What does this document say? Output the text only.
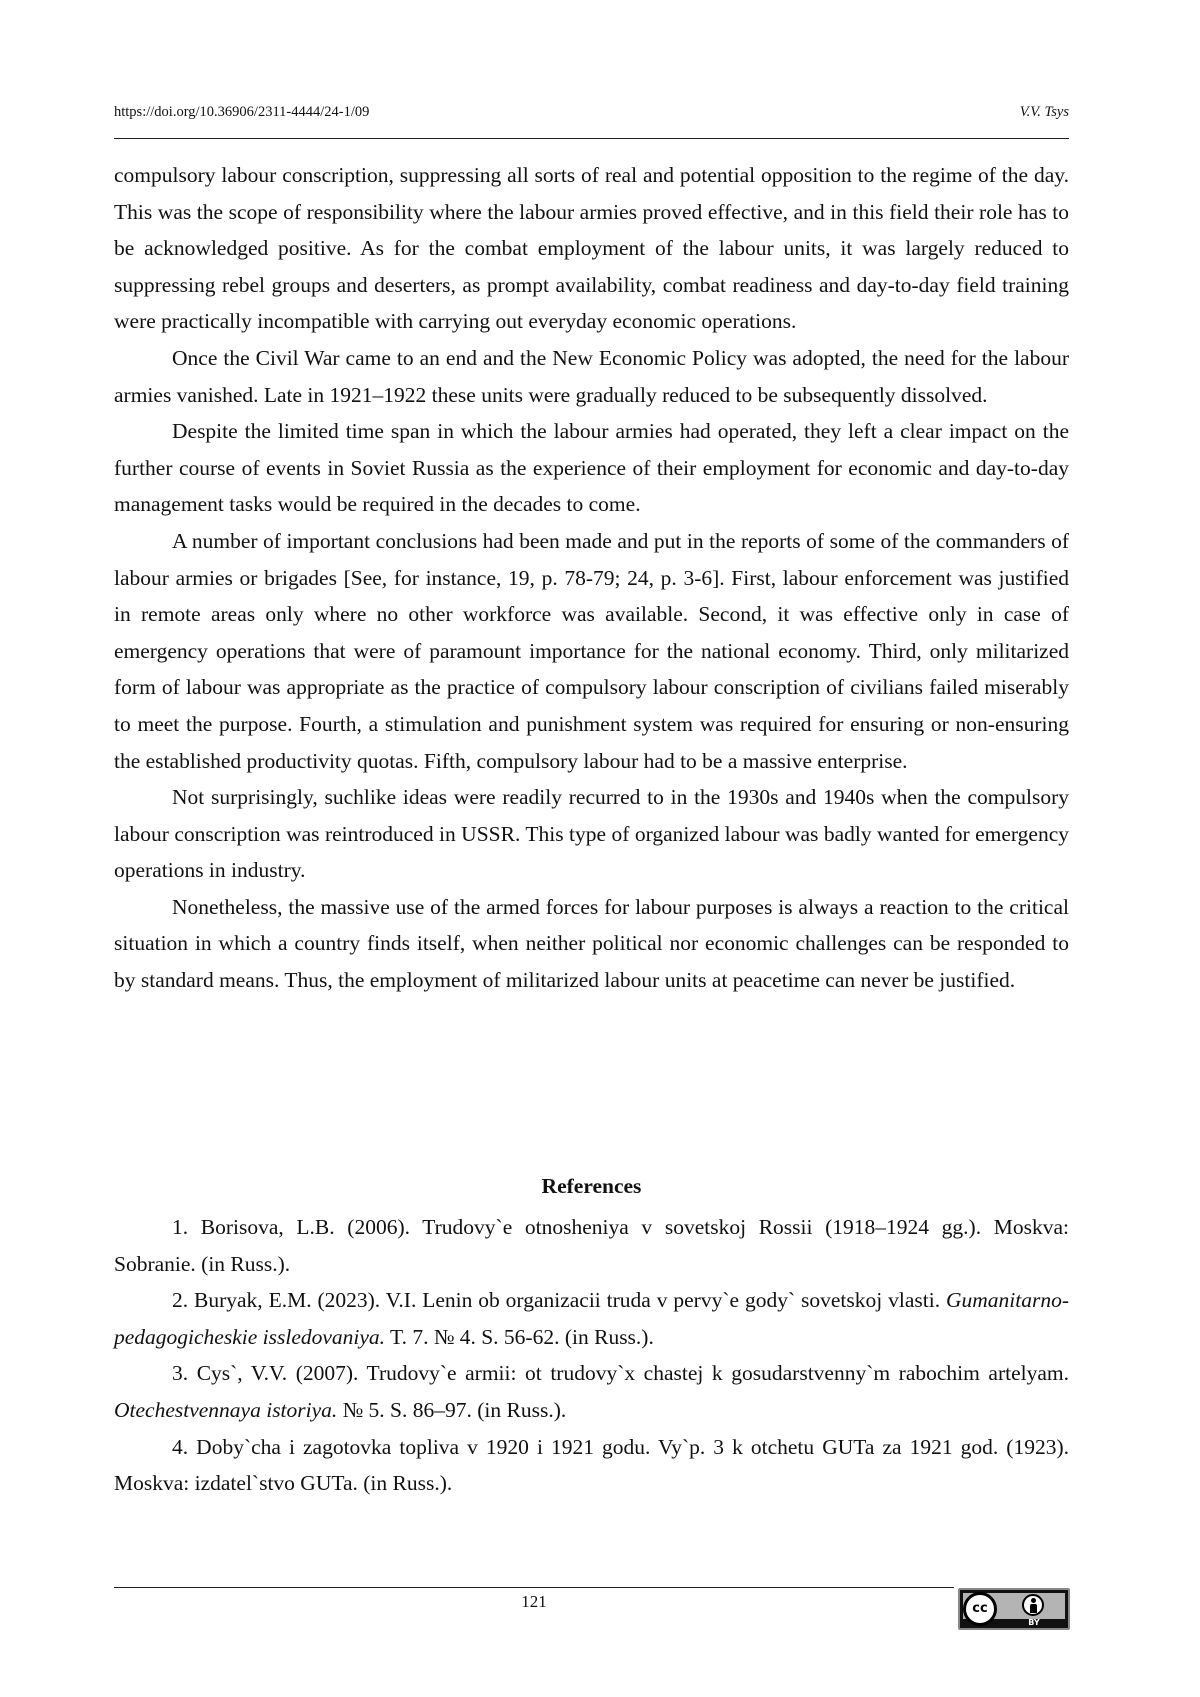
https://doi.org/10.36906/2311-4444/24-1/09	V.V. Tsys

compulsory labour conscription, suppressing all sorts of real and potential opposition to the regime of the day. This was the scope of responsibility where the labour armies proved effective, and in this field their role has to be acknowledged positive. As for the combat employment of the labour units, it was largely reduced to suppressing rebel groups and deserters, as prompt availability, combat readiness and day-to-day field training were practically incompatible with carrying out everyday economic operations.

Once the Civil War came to an end and the New Economic Policy was adopted, the need for the labour armies vanished. Late in 1921–1922 these units were gradually reduced to be subsequently dissolved.

Despite the limited time span in which the labour armies had operated, they left a clear impact on the further course of events in Soviet Russia as the experience of their employment for economic and day-to-day management tasks would be required in the decades to come.

A number of important conclusions had been made and put in the reports of some of the commanders of labour armies or brigades [See, for instance, 19, p. 78-79; 24, p. 3-6]. First, labour enforcement was justified in remote areas only where no other workforce was available. Second, it was effective only in case of emergency operations that were of paramount importance for the national economy. Third, only militarized form of labour was appropriate as the practice of compulsory labour conscription of civilians failed miserably to meet the purpose. Fourth, a stimulation and punishment system was required for ensuring or non-ensuring the established productivity quotas. Fifth, compulsory labour had to be a massive enterprise.

Not surprisingly, suchlike ideas were readily recurred to in the 1930s and 1940s when the compulsory labour conscription was reintroduced in USSR. This type of organized labour was badly wanted for emergency operations in industry.

Nonetheless, the massive use of the armed forces for labour purposes is always a reaction to the critical situation in which a country finds itself, when neither political nor economic challenges can be responded to by standard means. Thus, the employment of militarized labour units at peacetime can never be justified.

References

1. Borisova, L.B. (2006). Trudovy`e otnosheniya v sovetskoj Rossii (1918–1924 gg.). Moskva: Sobranie. (in Russ.).

2. Buryak, E.M. (2023). V.I. Lenin ob organizacii truda v pervy`e gody` sovetskoj vlasti. Gumanitarno-pedagogicheskie issledovaniya. T. 7. № 4. S. 56-62. (in Russ.).

3. Cys`, V.V. (2007). Trudovy`e armii: ot trudovy`x chastej k gosudarstvenny`m rabochim artelyam. Otechestvennaya istoriya. № 5. S. 86–97. (in Russ.).

4. Doby`cha i zagotovka topliva v 1920 i 1921 godu. Vy`p. 3 k otchetu GUTa za 1921 god. (1923). Moskva: izdatel`stvo GUTa. (in Russ.).

121	cc
BY
